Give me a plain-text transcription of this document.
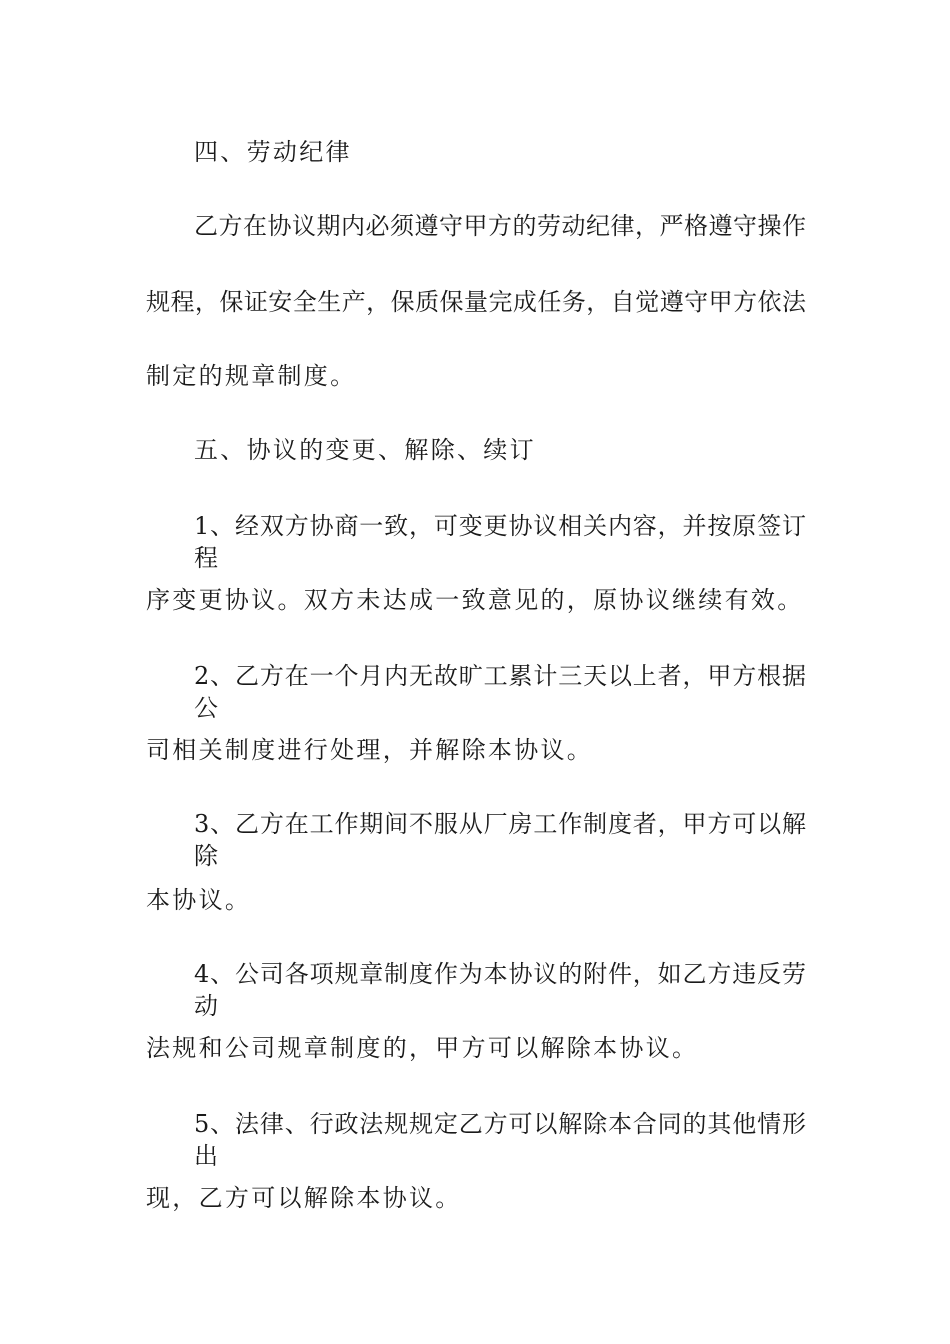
四、劳动纪律
乙方在协议期内必须遵守甲方的劳动纪律，严格遵守操作
规程，保证安全生产，保质保量完成任务，自觉遵守甲方依法
制定的规章制度。
五、协议的变更、解除、续订
1、经双方协商一致，可变更协议相关内容，并按原签订程
序变更协议。双方未达成一致意见的，原协议继续有效。
2、乙方在一个月内无故旷工累计三天以上者，甲方根据公
司相关制度进行处理，并解除本协议。
3、乙方在工作期间不服从厂房工作制度者，甲方可以解除
本协议。
4、公司各项规章制度作为本协议的附件，如乙方违反劳动
法规和公司规章制度的，甲方可以解除本协议。
5、法律、行政法规规定乙方可以解除本合同的其他情形出
现，乙方可以解除本协议。
